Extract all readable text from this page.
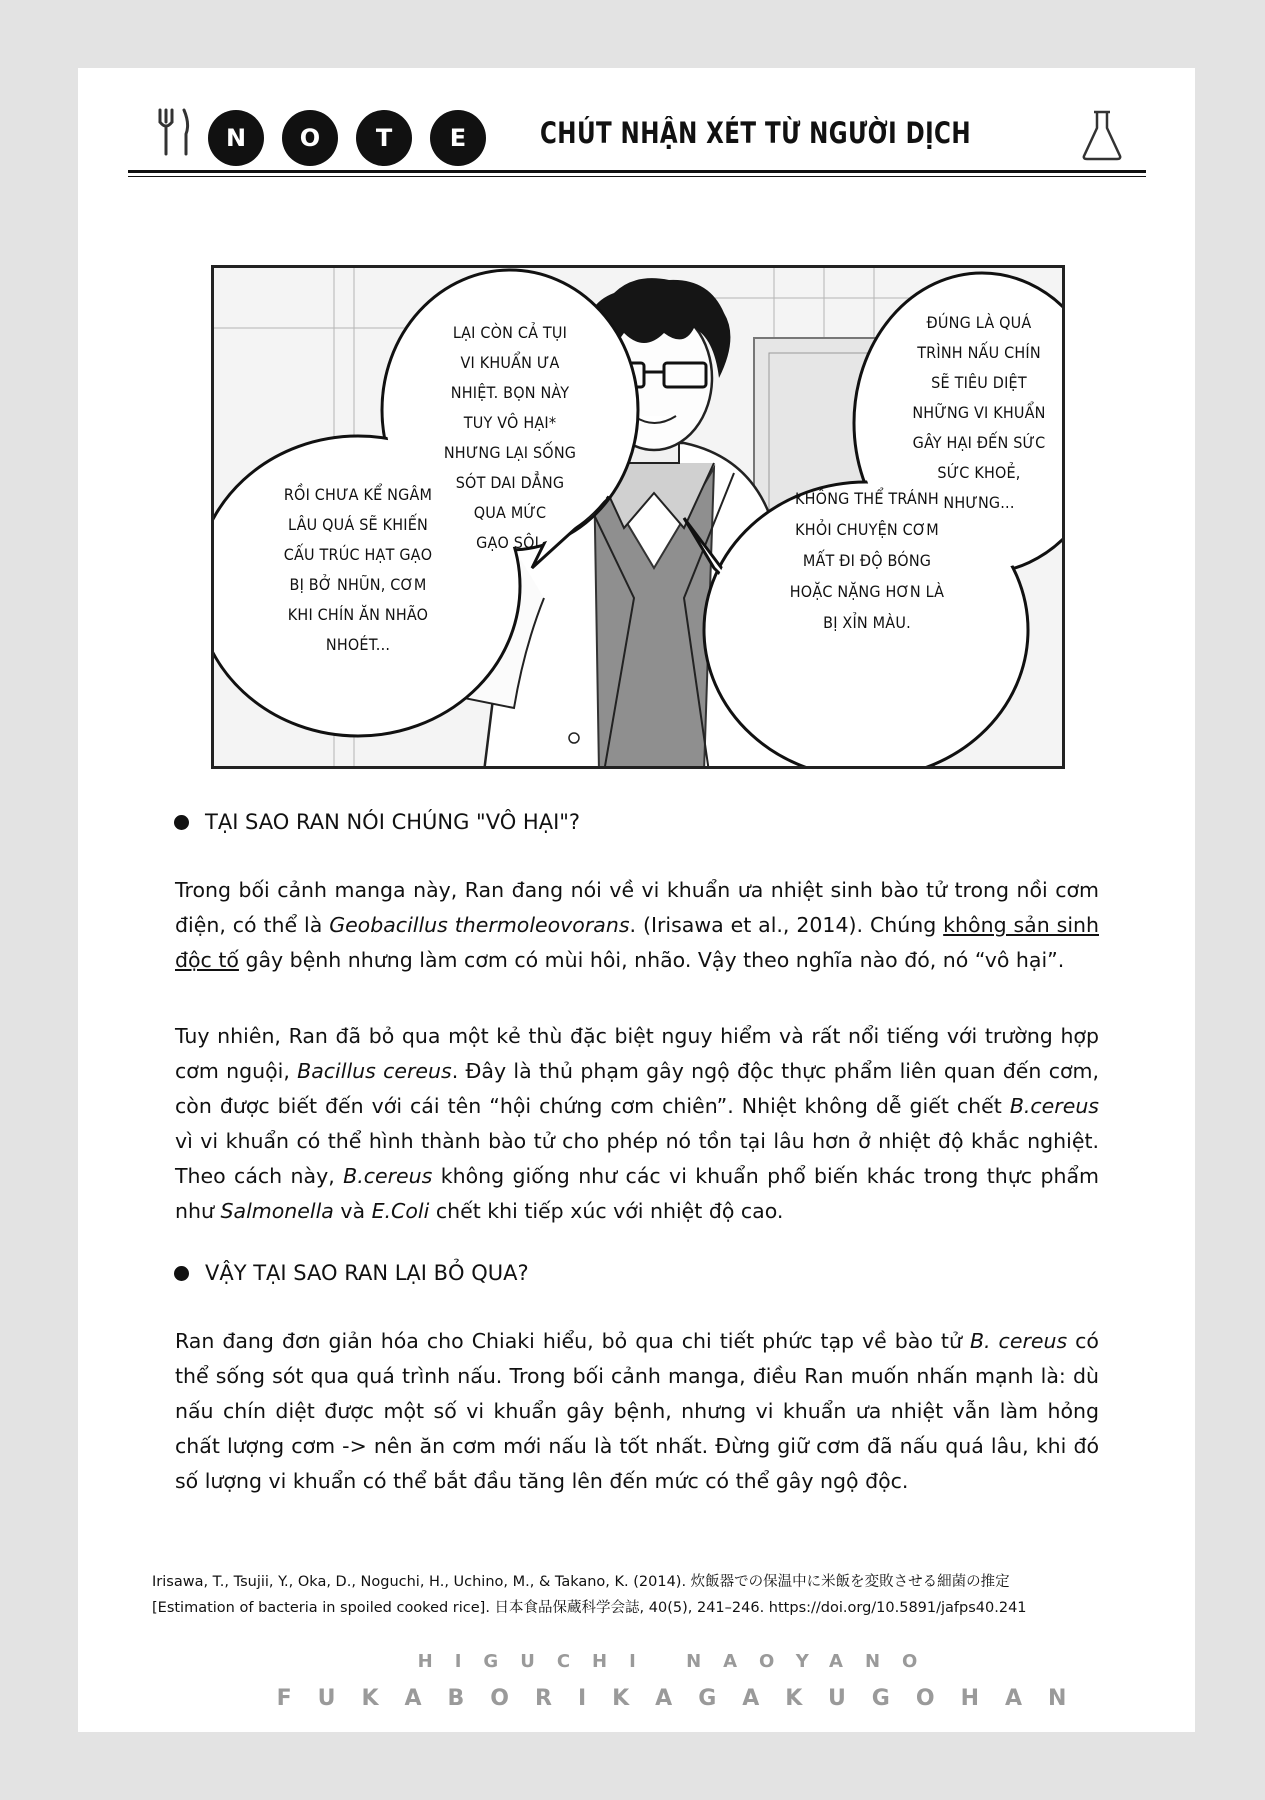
N	O	T	E	CHÚT NHẬN XÉT TỪ NGƯỜI DỊCH
LẠI CÒN CẢ TỤI
VI KHUẨN ƯA
NHIỆT. BỌN NÀY
TUY VÔ HẠI*
NHƯNG LẠI SỐNG
SÓT DAI DẲNG
QUA MỨC
GẠO SÔI.
RỒI CHƯA KỂ NGÂM
LÂU QUÁ SẼ KHIẾN
CẤU TRÚC HẠT GẠO
BỊ BỞ NHŨN, CƠM
KHI CHÍN ĂN NHÃO
NHOÉT...
ĐÚNG LÀ QUÁ
TRÌNH NẤU CHÍN
SẼ TIÊU DIỆT
NHỮNG VI KHUẨN
GÂY HẠI ĐẾN SỨC
SỨC KHOẺ,
NHƯNG...
KHÔNG THỂ TRÁNH
KHỎI CHUYỆN CƠM
MẤT ĐI ĐỘ BÓNG
HOẶC NẶNG HƠN LÀ
BỊ XỈN MÀU.
TẠI SAO RAN NÓI CHÚNG "VÔ HẠI"?
Trong bối cảnh manga này, Ran đang nói về vi khuẩn ưa nhiệt sinh bào tử trong nồi cơm điện, có thể là Geobacillus thermoleovorans. (Irisawa et al., 2014). Chúng không sản sinh độc tố gây bệnh nhưng làm cơm có mùi hôi, nhão. Vậy theo nghĩa nào đó, nó “vô hại”.
Tuy nhiên, Ran đã bỏ qua một kẻ thù đặc biệt nguy hiểm và rất nổi tiếng với trường hợp cơm nguội, Bacillus cereus. Đây là thủ phạm gây ngộ độc thực phẩm liên quan đến cơm, còn được biết đến với cái tên “hội chứng cơm chiên”. Nhiệt không dễ giết chết B.cereus vì vi khuẩn có thể hình thành bào tử cho phép nó tồn tại lâu hơn ở nhiệt độ khắc nghiệt. Theo cách này, B.cereus không giống như các vi khuẩn phổ biến khác trong thực phẩm như Salmonella và E.Coli chết khi tiếp xúc với nhiệt độ cao.
VẬY TẠI SAO RAN LẠI BỎ QUA?
Ran đang đơn giản hóa cho Chiaki hiểu, bỏ qua chi tiết phức tạp về bào tử B. cereus có thể sống sót qua quá trình nấu. Trong bối cảnh manga, điều Ran muốn nhấn mạnh là: dù nấu chín diệt được một số vi khuẩn gây bệnh, nhưng vi khuẩn ưa nhiệt vẫn làm hỏng chất lượng cơm -> nên ăn cơm mới nấu là tốt nhất. Đừng giữ cơm đã nấu quá lâu, khi đó số lượng vi khuẩn có thể bắt đầu tăng lên đến mức có thể gây ngộ độc.
Irisawa, T., Tsujii, Y., Oka, D., Noguchi, H., Uchino, M., & Takano, K. (2014). 炊飯器での保温中に米飯を変敗させる細菌の推定
[Estimation of bacteria in spoiled cooked rice]. 日本食品保蔵科学会誌, 40(5), 241–246. https://doi.org/10.5891/jafps40.241
HIGUCHI NAOYANO
FUKABORIKAGAKUGOHAN
